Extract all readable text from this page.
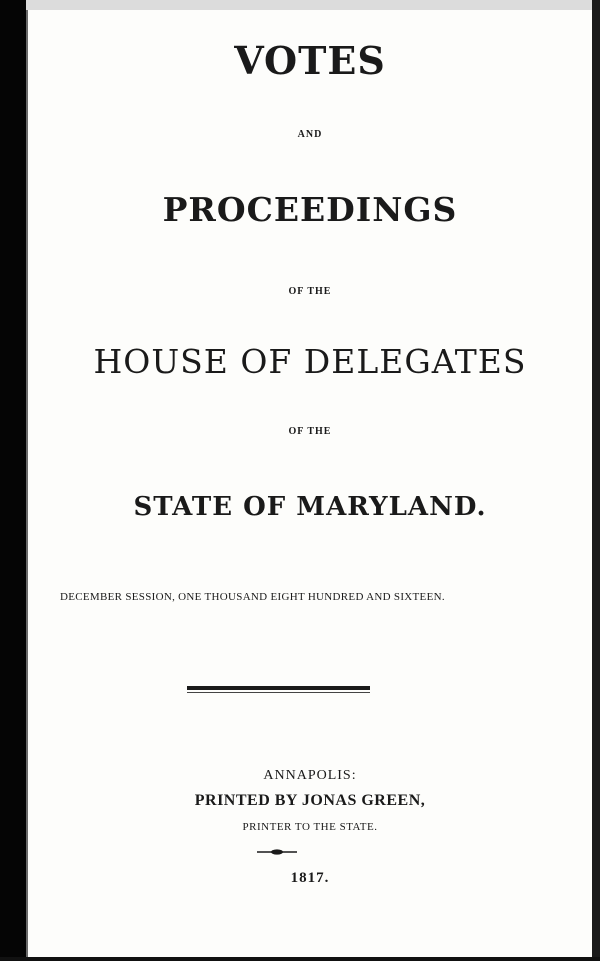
VOTES

AND

PROCEEDINGS

OF THE

HOUSE OF DELEGATES

OF THE

STATE OF MARYLAND.

DECEMBER SESSION, ONE THOUSAND EIGHT HUNDRED AND SIXTEEN.

ANNAPOLIS:

PRINTED BY JONAS GREEN,

PRINTER TO THE STATE.

1817.
